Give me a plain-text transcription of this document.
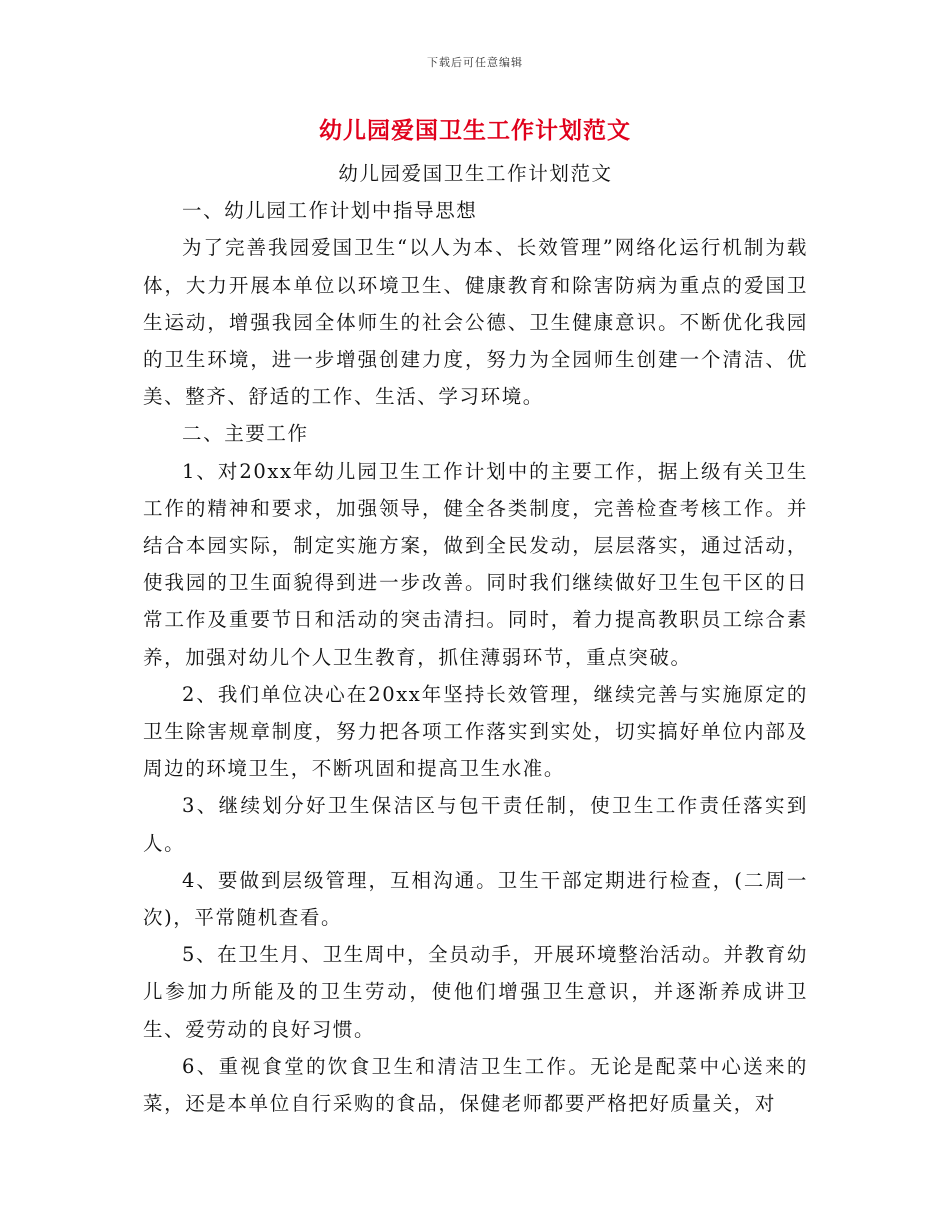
下载后可任意编辑
幼儿园爱国卫生工作计划范文

幼儿园爱国卫生工作计划范文

一、幼儿园工作计划中指导思想

为了完善我园爱国卫生“以人为本、长效管理”网络化运行机制为载体，大力开展本单位以环境卫生、健康教育和除害防病为重点的爱国卫生运动，增强我园全体师生的社会公德、卫生健康意识。不断优化我园的卫生环境，进一步增强创建力度，努力为全园师生创建一个清洁、优美、整齐、舒适的工作、生活、学习环境。

二、主要工作

1、对20xx年幼儿园卫生工作计划中的主要工作，据上级有关卫生工作的精神和要求，加强领导，健全各类制度，完善检查考核工作。并结合本园实际，制定实施方案，做到全民发动，层层落实，通过活动，使我园的卫生面貌得到进一步改善。同时我们继续做好卫生包干区的日常工作及重要节日和活动的突击清扫。同时，着力提高教职员工综合素养，加强对幼儿个人卫生教育，抓住薄弱环节，重点突破。

2、我们单位决心在20xx年坚持长效管理，继续完善与实施原定的卫生除害规章制度，努力把各项工作落实到实处，切实搞好单位内部及周边的环境卫生，不断巩固和提高卫生水准。

3、继续划分好卫生保洁区与包干责任制，使卫生工作责任落实到人。

4、要做到层级管理，互相沟通。卫生干部定期进行检查，(二周一次)，平常随机查看。

5、在卫生月、卫生周中，全员动手，开展环境整治活动。并教育幼儿参加力所能及的卫生劳动，使他们增强卫生意识，并逐渐养成讲卫生、爱劳动的良好习惯。

6、重视食堂的饮食卫生和清洁卫生工作。无论是配菜中心送来的菜，还是本单位自行采购的食品，保健老师都要严格把好质量关，对
